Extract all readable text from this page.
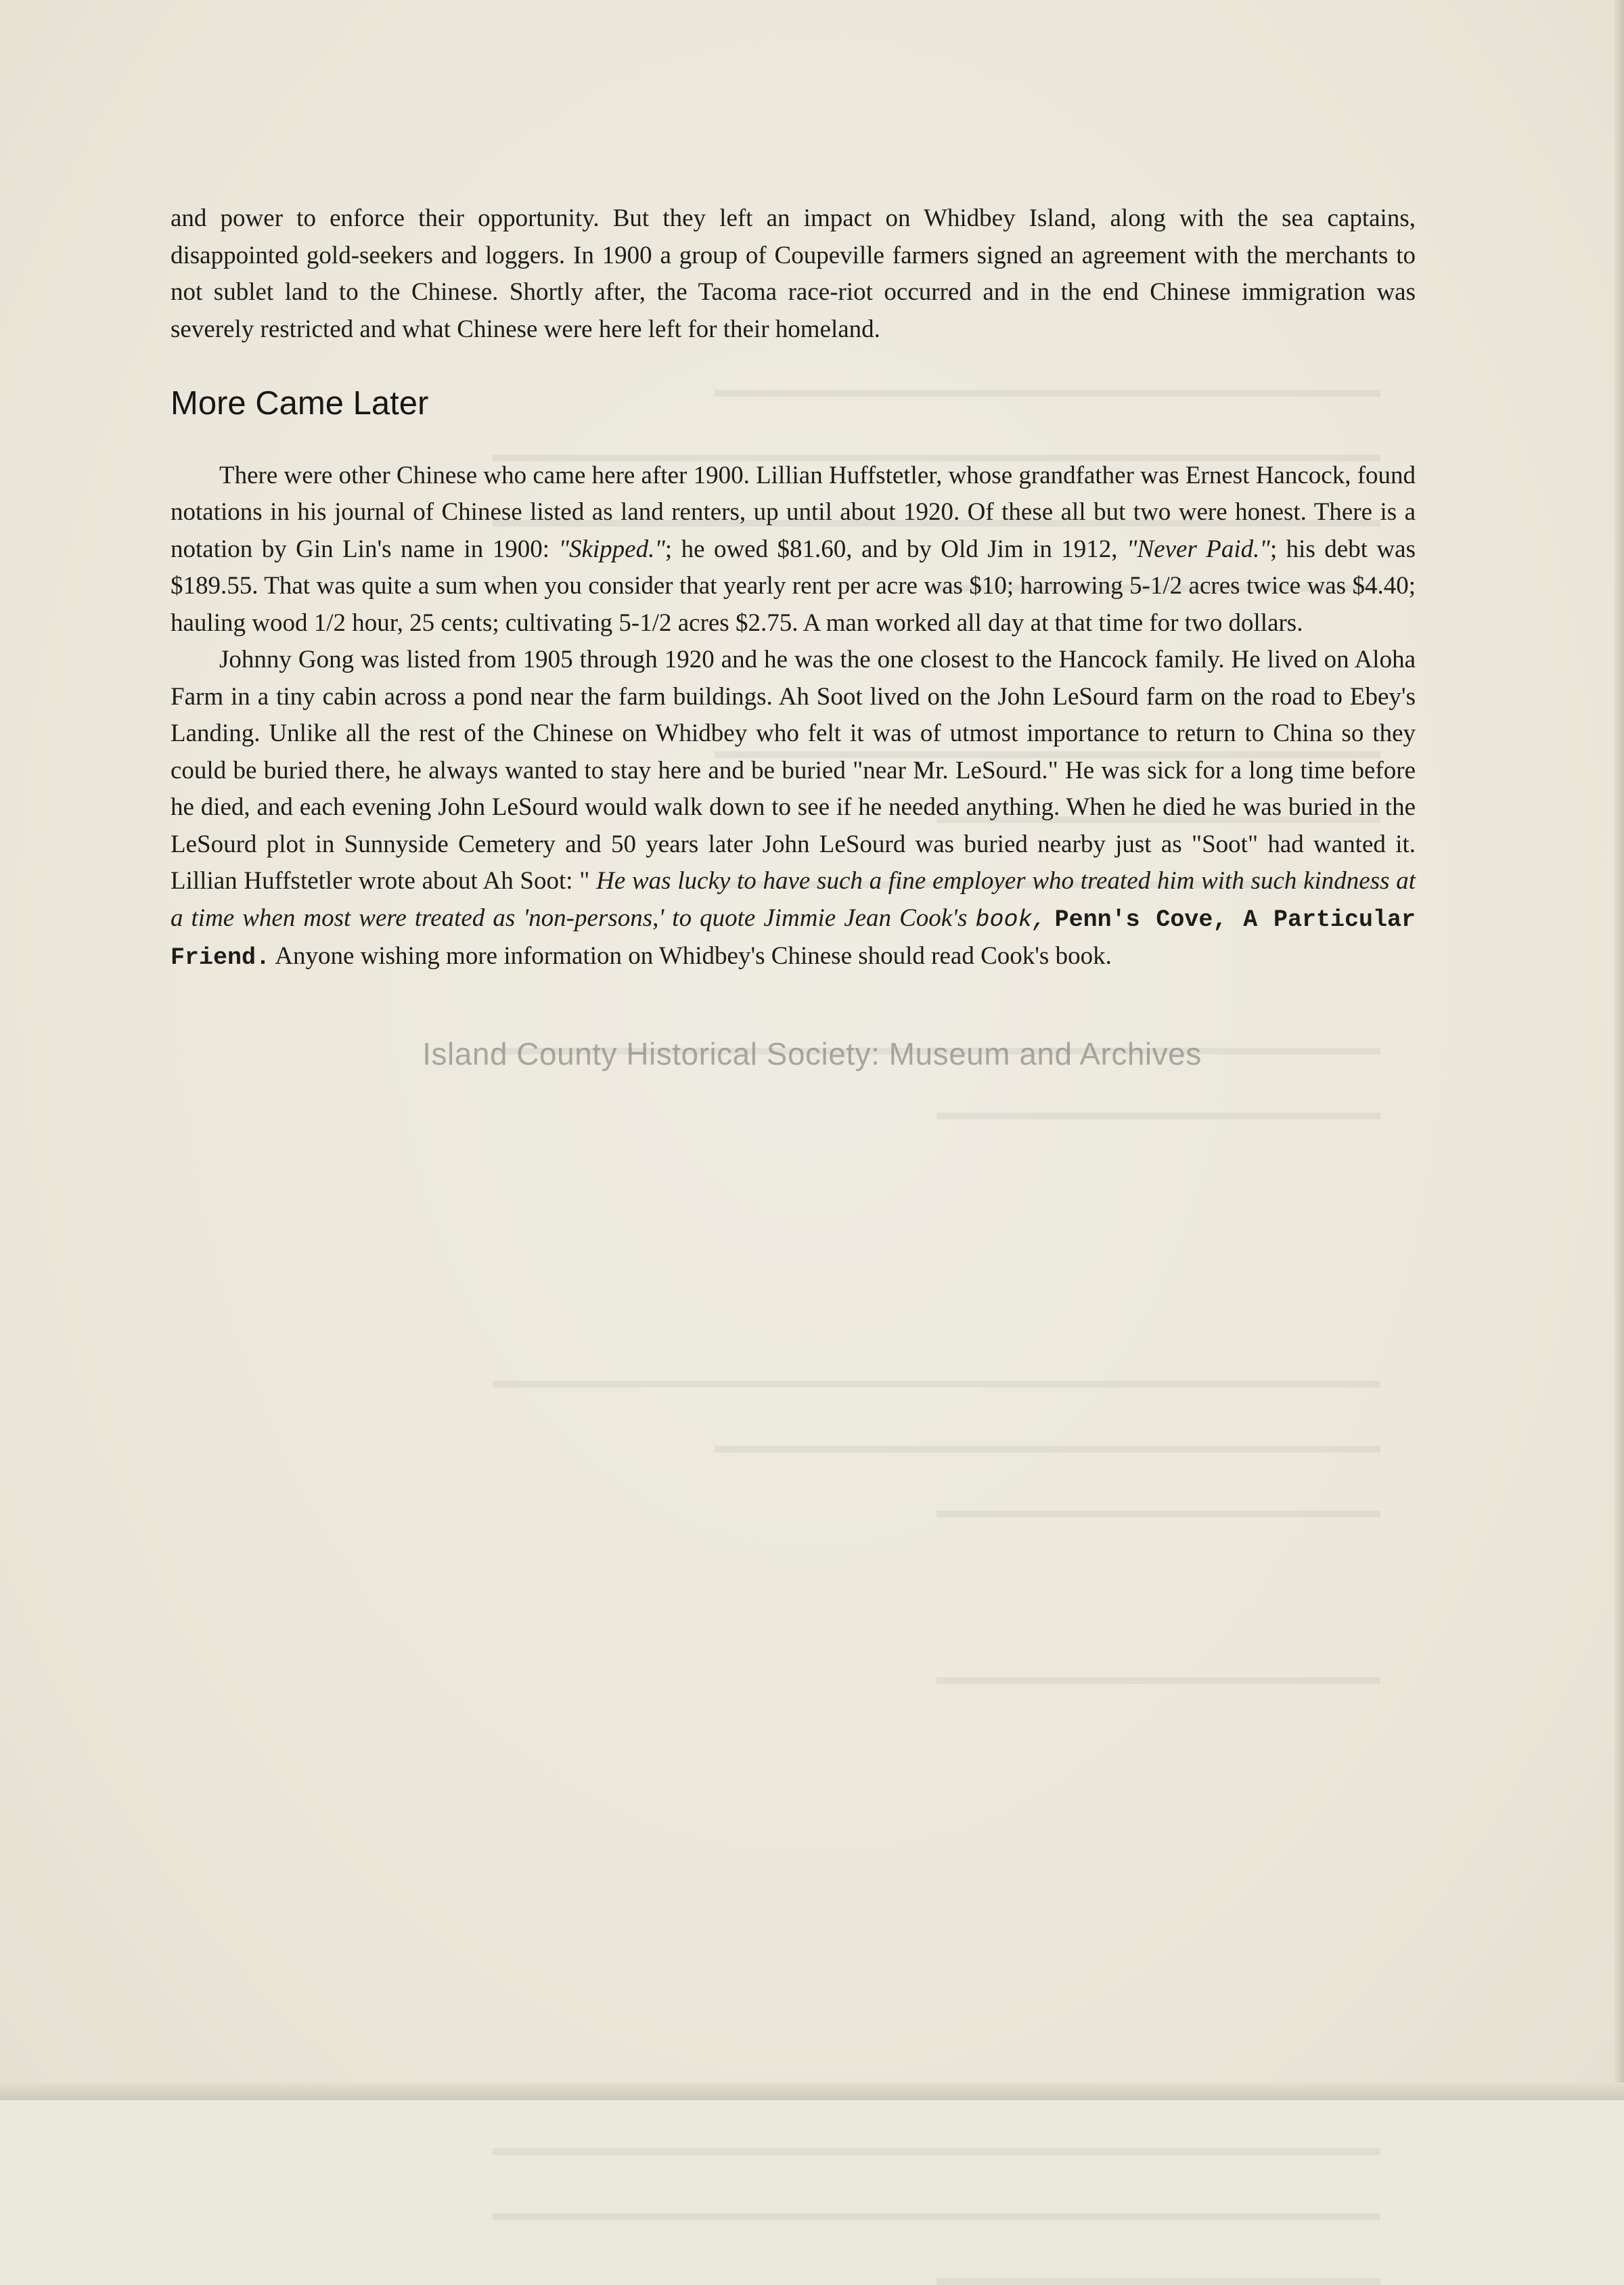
and power to enforce their opportunity. But they left an impact on Whidbey Island, along with the sea captains, disappointed gold-seekers and loggers. In 1900 a group of Coupeville farmers signed an agreement with the merchants to not sublet land to the Chinese. Shortly after, the Tacoma race-riot occurred and in the end Chinese immigration was severely restricted and what Chinese were here left for their homeland.

More Came Later

There were other Chinese who came here after 1900. Lillian Huffstetler, whose grandfather was Ernest Hancock, found notations in his journal of Chinese listed as land renters, up until about 1920. Of these all but two were honest. There is a notation by Gin Lin's name in 1900: "Skipped."; he owed $81.60, and by Old Jim in 1912, "Never Paid."; his debt was $189.55. That was quite a sum when you consider that yearly rent per acre was $10; harrowing 5-1/2 acres twice was $4.40; hauling wood 1/2 hour, 25 cents; cultivating 5-1/2 acres $2.75. A man worked all day at that time for two dollars.

Johnny Gong was listed from 1905 through 1920 and he was the one closest to the Hancock family. He lived on Aloha Farm in a tiny cabin across a pond near the farm buildings. Ah Soot lived on the John LeSourd farm on the road to Ebey's Landing. Unlike all the rest of the Chinese on Whidbey who felt it was of utmost importance to return to China so they could be buried there, he always wanted to stay here and be buried "near Mr. LeSourd." He was sick for a long time before he died, and each evening John LeSourd would walk down to see if he needed anything. When he died he was buried in the LeSourd plot in Sunnyside Cemetery and 50 years later John LeSourd was buried nearby just as "Soot" had wanted it. Lillian Huffstetler wrote about Ah Soot: " He was lucky to have such a fine employer who treated him with such kindness at a time when most were treated as 'non-persons,' to quote Jimmie Jean Cook's book, Penn's Cove, A Particular Friend. Anyone wishing more information on Whidbey's Chinese should read Cook's book.

Island County Historical Society: Museum and Archives
